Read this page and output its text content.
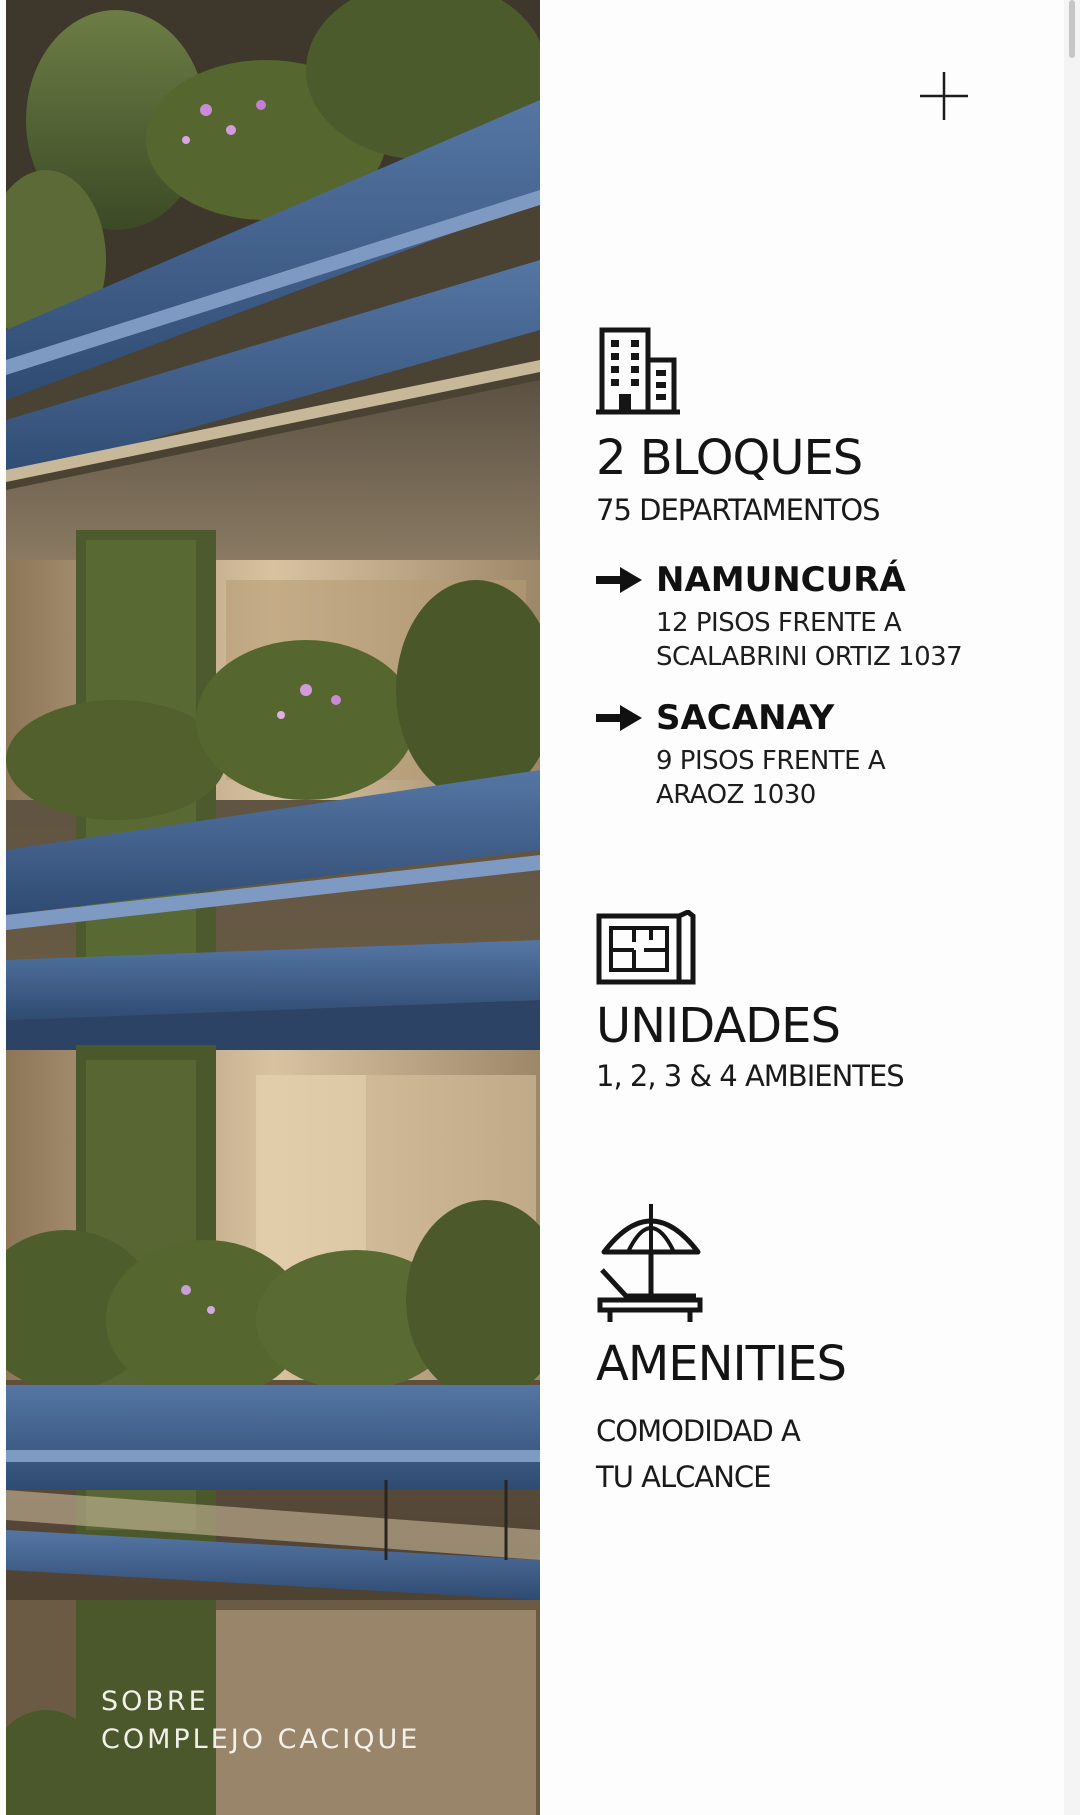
SOBRE
COMPLEJO CACIQUE
2 BLOQUES
75 DEPARTAMENTOS
NAMUNCURÁ
12 PISOS FRENTE A
SCALABRINI ORTIZ 1037
SACANAY
9 PISOS FRENTE A
ARAOZ 1030
UNIDADES
1, 2, 3 & 4 AMBIENTES
AMENITIES
COMODIDAD A
TU ALCANCE
